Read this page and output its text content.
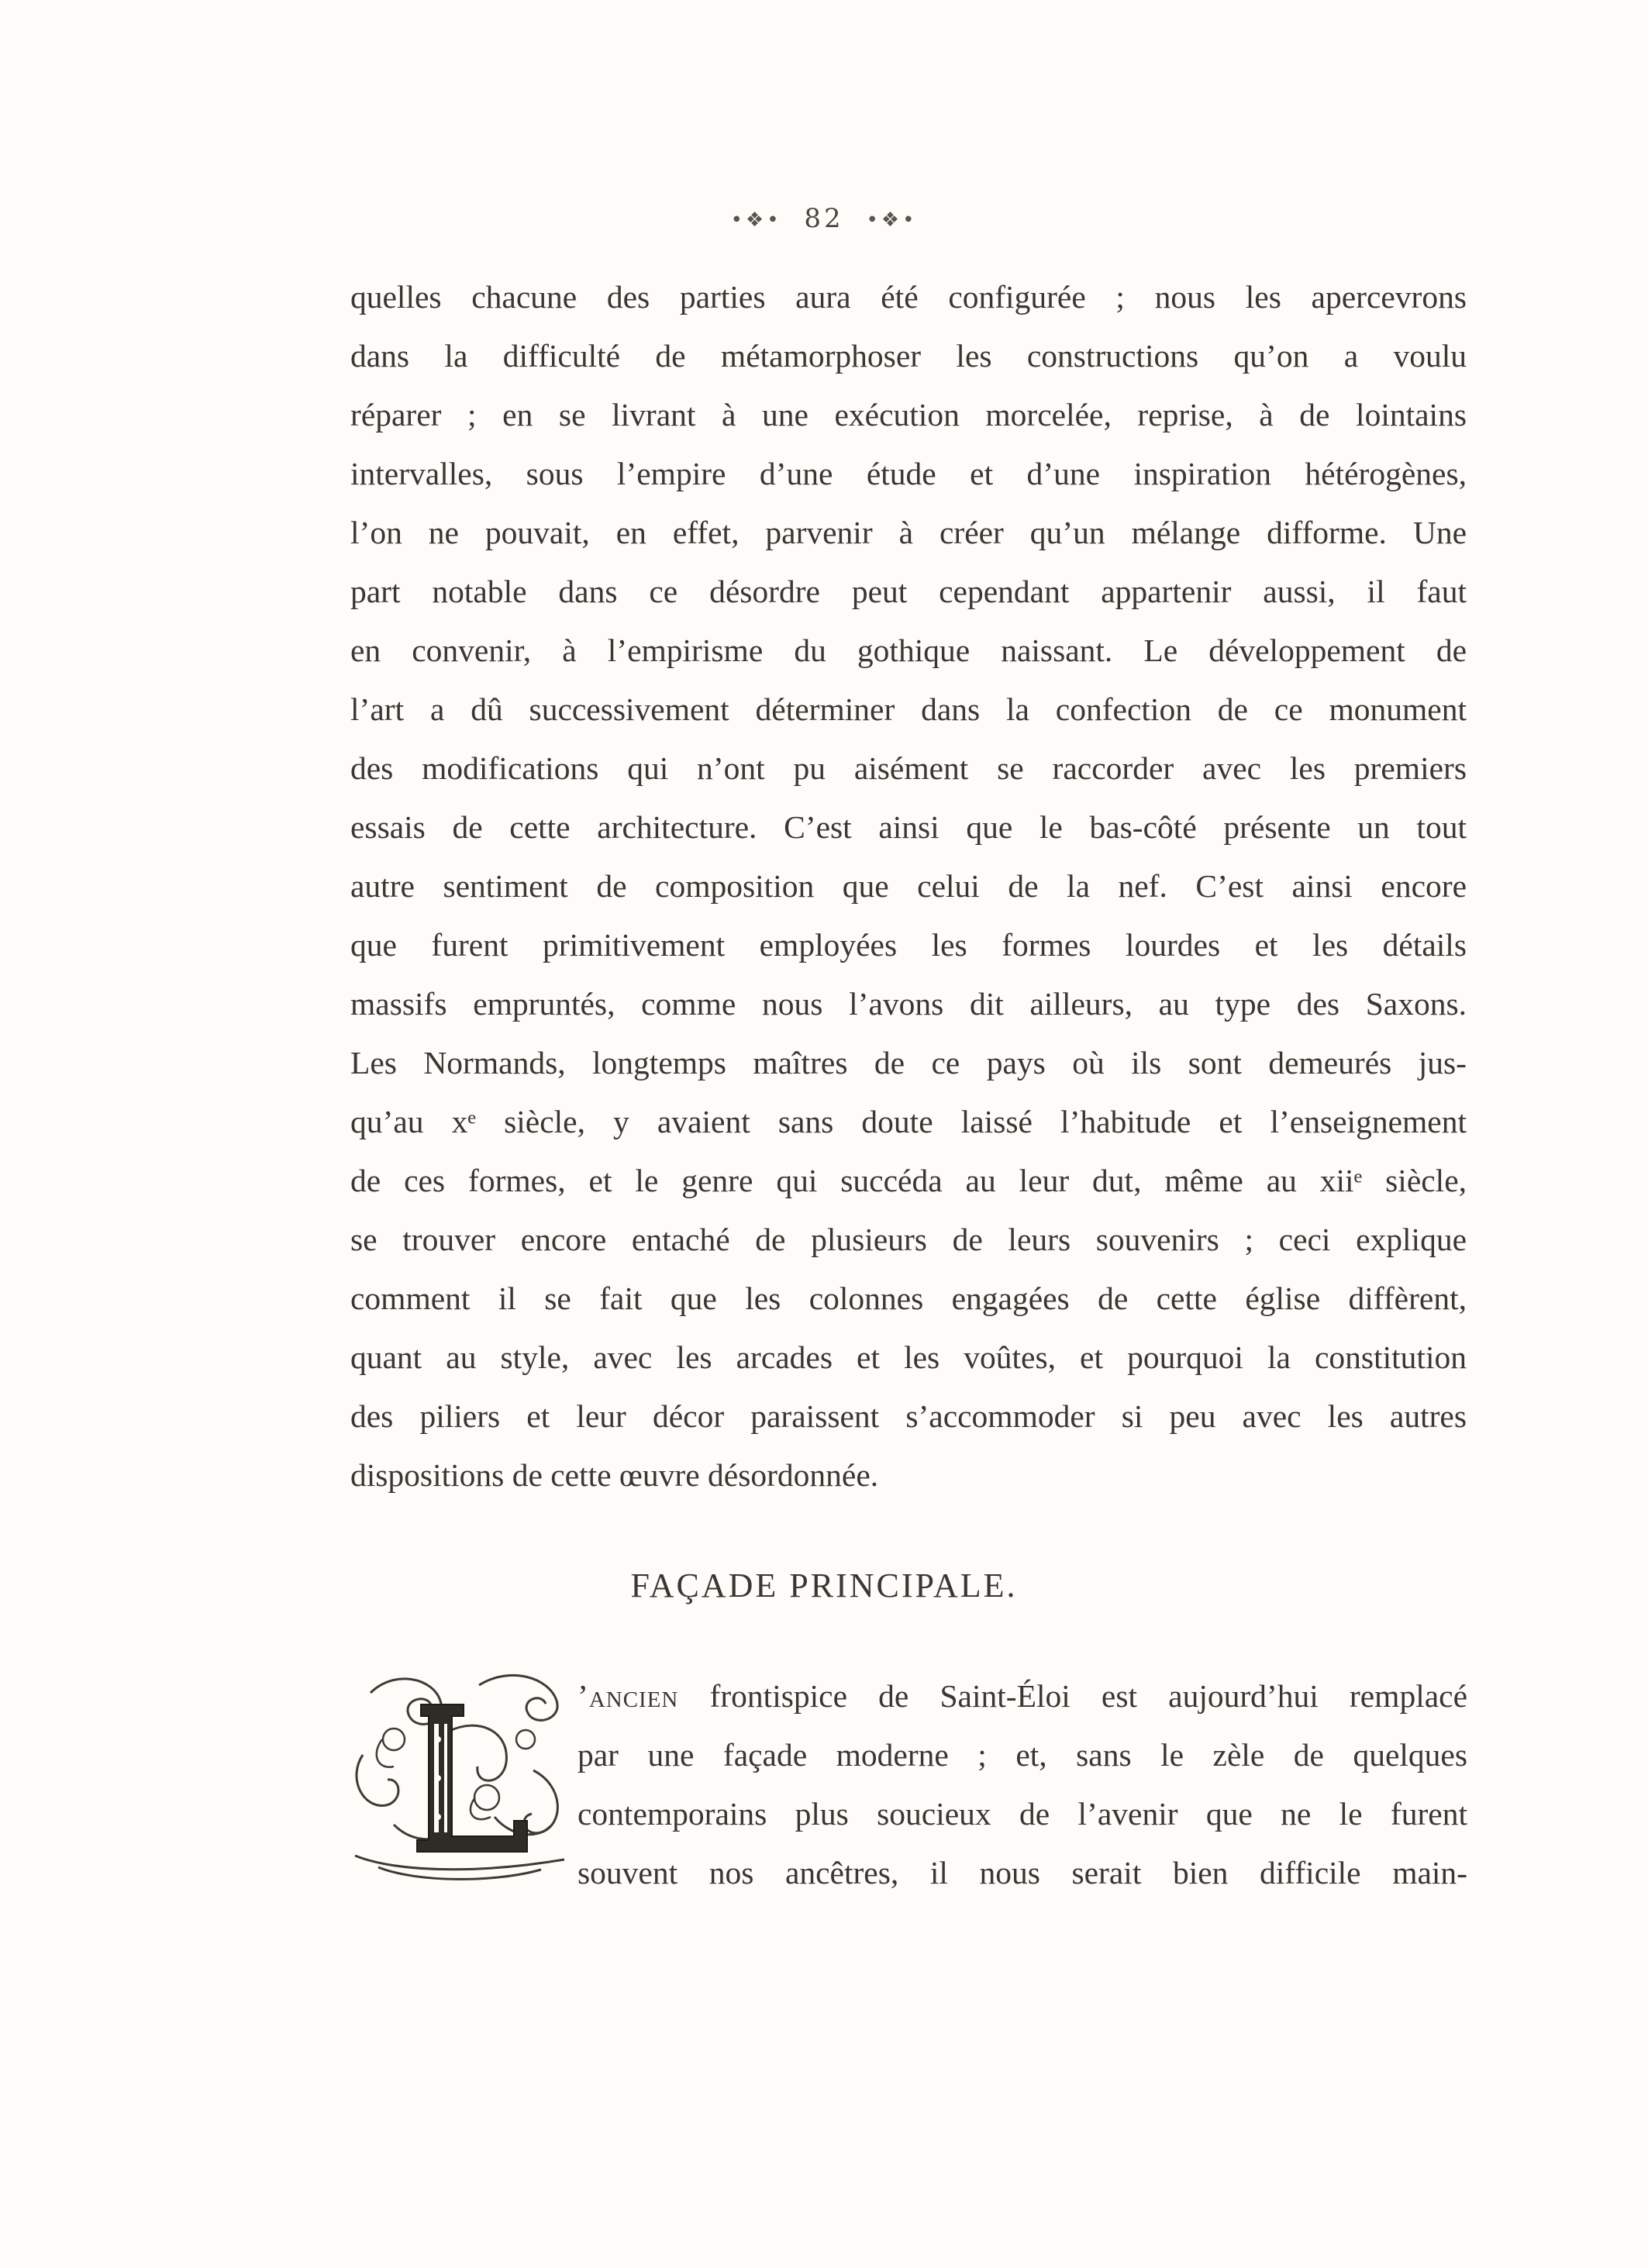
•❖• 82 •❖•
quelles chacune des parties aura été configurée ; nous les apercevrons
dans la difficulté de métamorphoser les constructions qu’on a voulu
réparer ; en se livrant à une exécution morcelée, reprise, à de lointains
intervalles, sous l’empire d’une étude et d’une inspiration hétérogènes,
l’on ne pouvait, en effet, parvenir à créer qu’un mélange difforme. Une
part notable dans ce désordre peut cependant appartenir aussi, il faut
en convenir, à l’empirisme du gothique naissant. Le développement de
l’art a dû successivement déterminer dans la confection de ce monument
des modifications qui n’ont pu aisément se raccorder avec les premiers
essais de cette architecture. C’est ainsi que le bas-côté présente un tout
autre sentiment de composition que celui de la nef. C’est ainsi encore
que furent primitivement employées les formes lourdes et les détails
massifs empruntés, comme nous l’avons dit ailleurs, au type des Saxons.
Les Normands, longtemps maîtres de ce pays où ils sont demeurés jus-
qu’au xᵉ siècle, y avaient sans doute laissé l’habitude et l’enseignement
de ces formes, et le genre qui succéda au leur dut, même au xiiᵉ siècle,
se trouver encore entaché de plusieurs de leurs souvenirs ; ceci explique
comment il se fait que les colonnes engagées de cette église diffèrent,
quant au style, avec les arcades et les voûtes, et pourquoi la constitution
des piliers et leur décor paraissent s’accommoder si peu avec les autres
dispositions de cette œuvre désordonnée.
FAÇADE PRINCIPALE.
’ancien frontispice de Saint-Éloi est aujourd’hui remplacé
par une façade moderne ; et, sans le zèle de quelques
contemporains plus soucieux de l’avenir que ne le furent
souvent nos ancêtres, il nous serait bien difficile main-
